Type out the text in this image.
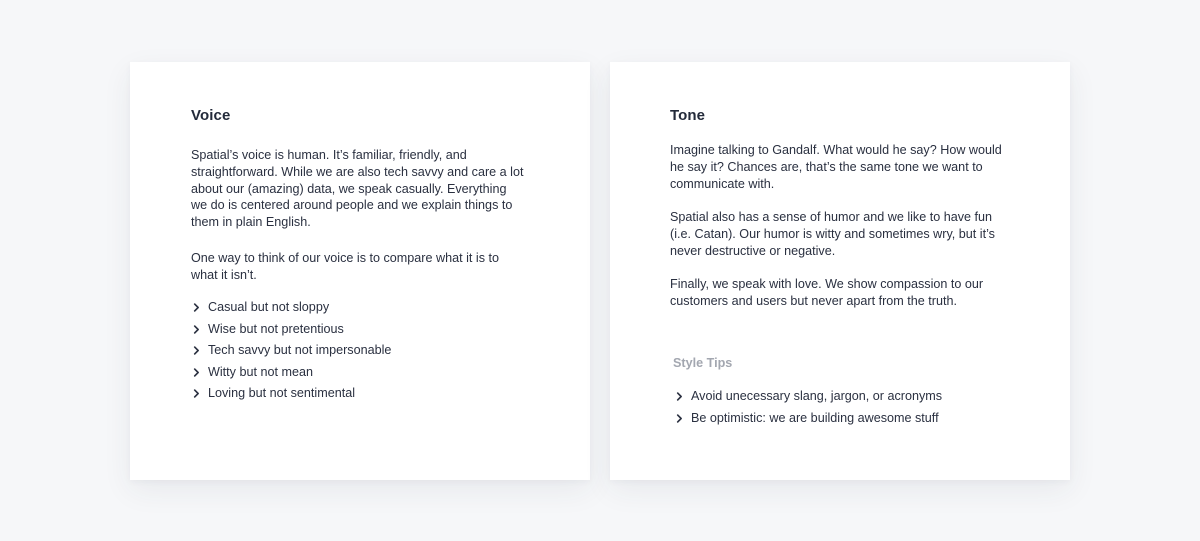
Voice

Spatial’s voice is human. It’s familiar, friendly, and straightforward. While we are also tech savvy and care a lot about our (amazing) data, we speak casually. Everything we do is centered around people and we explain things to them in plain English.

One way to think of our voice is to compare what it is to what it isn’t.

Casual but not sloppy
Wise but not pretentious
Tech savvy but not impersonable
Witty but not mean
Loving but not sentimental
Tone

Imagine talking to Gandalf. What would he say? How would he say it? Chances are, that’s the same tone we want to communicate with.

Spatial also has a sense of humor and we like to have fun (i.e. Catan). Our humor is witty and sometimes wry, but it’s never destructive or negative.

Finally, we speak with love. We show compassion to our customers and users but never apart from the truth.

Style Tips
Avoid unecessary slang, jargon, or acronyms
Be optimistic: we are building awesome stuff
